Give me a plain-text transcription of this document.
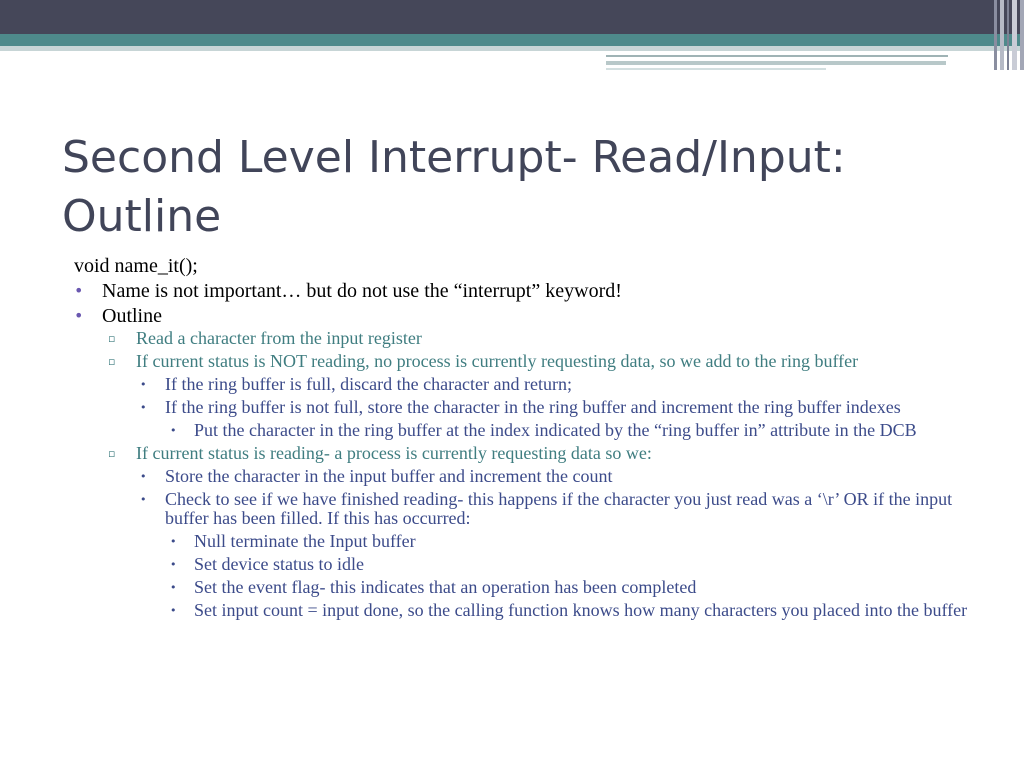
Second Level Interrupt- Read/Input: Outline
void name_it();
• Name is not important… but do not use the “interrupt” keyword!
• Outline
▫ Read a character from the input register
▫ If current status is NOT reading, no process is currently requesting data, so we add to the ring buffer
• If the ring buffer is full, discard the character and return;
• If the ring buffer is not full, store the character in the ring buffer and increment the ring buffer indexes
• Put the character in the ring buffer at the index indicated by the “ring buffer in” attribute in the DCB
▫ If current status is reading- a process is currently requesting data so we:
• Store the character in the input buffer and increment the count
• Check to see if we have finished reading- this happens if the character you just read was a ‘\r’ OR if the input buffer has been filled. If this has occurred:
• Null terminate the Input buffer
• Set device status to idle
• Set the event flag- this indicates that an operation has been completed
• Set input count = input done, so the calling function knows how many characters you placed into the buffer
